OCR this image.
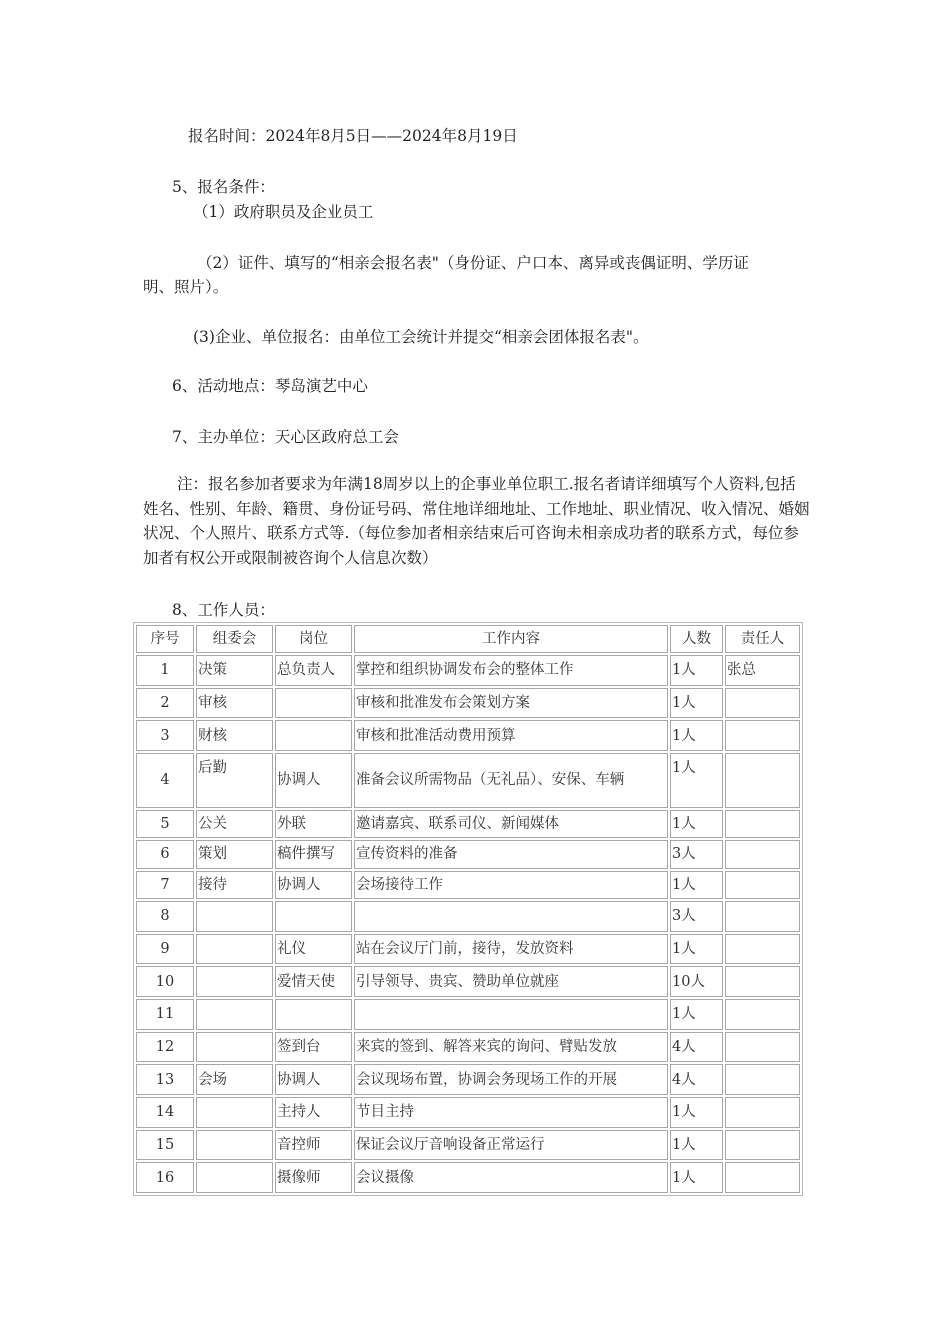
报名时间：2024年8月5日——2024年8月19日
5、报名条件：
（1）政府职员及企业员工
（2）证件、填写的“相亲会报名表"（身份证、户口本、离异或丧偶证明、学历证
明、照片）。
(3)企业、单位报名：由单位工会统计并提交“相亲会团体报名表"。
6、活动地点：琴岛演艺中心
7、主办单位：天心区政府总工会
注：报名参加者要求为年满18周岁以上的企事业单位职工.报名者请详细填写个人资料,包括姓名、性别、年龄、籍贯、身份证号码、常住地详细地址、工作地址、职业情况、收入情况、婚姻状况、个人照片、联系方式等.（每位参加者相亲结束后可咨询未相亲成功者的联系方式，每位参加者有权公开或限制被咨询个人信息次数）
8、工作人员：
序号	组委会	岗位	工作内容	人数	责任人
1	决策	总负责人	掌控和组织协调发布会的整体工作	1人	张总
2	审核		审核和批准发布会策划方案	1人	
3	财核		审核和批准活动费用预算	1人	
4	后勤	协调人	准备会议所需物品（无礼品）、安保、车辆	1人	
5	公关	外联	邀请嘉宾、联系司仪、新闻媒体	1人	
6	策划	稿件撰写	宣传资料的准备	3人	
7	接待	协调人	会场接待工作	1人	
8				3人	
9		礼仪	站在会议厅门前，接待，发放资料	1人	
10		爱情天使	引导领导、贵宾、赞助单位就座	10人	
11				1人	
12		签到台	来宾的签到、解答来宾的询问、臂贴发放	4人	
13	会场	协调人	会议现场布置，协调会务现场工作的开展	4人	
14		主持人	节目主持	1人	
15		音控师	保证会议厅音响设备正常运行	1人	
16		摄像师	会议摄像	1人	
